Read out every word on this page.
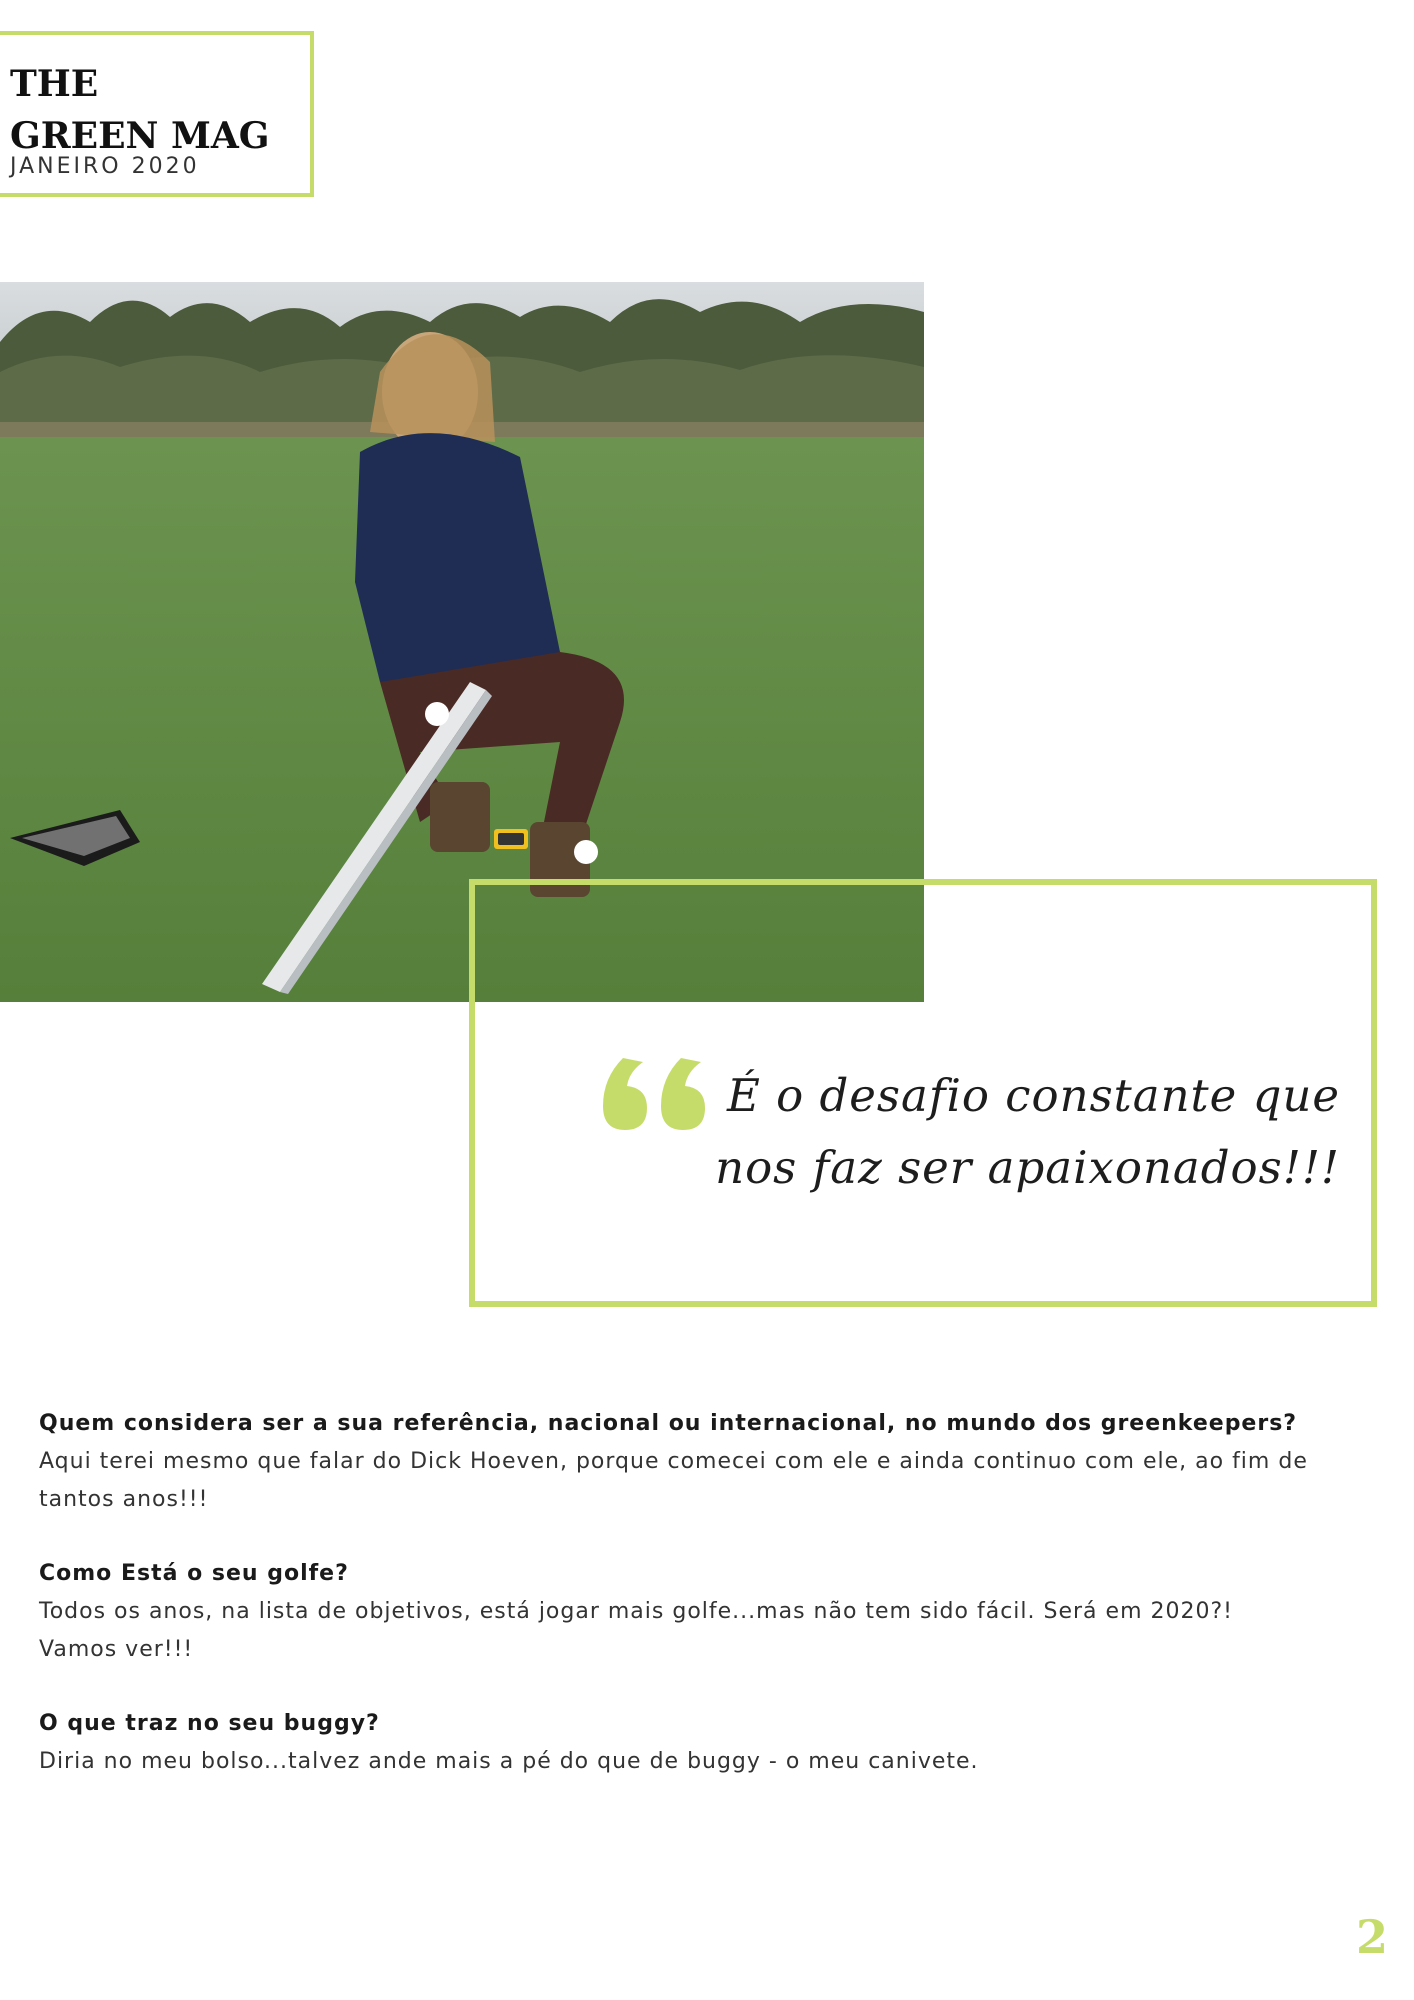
THE
GREEN MAG
JANEIRO 2020

É o desafio constante que
nos faz ser apaixonados!!!

Quem considera ser a sua referência, nacional ou internacional, no mundo dos greenkeepers?

Aqui terei mesmo que falar do Dick Hoeven, porque comecei com ele e ainda continuo com ele, ao fim de tantos anos!!!

Como Está o seu golfe?

Todos os anos, na lista de objetivos, está jogar mais golfe...mas não tem sido fácil. Será em 2020?!
Vamos ver!!!

O que traz no seu buggy?

Diria no meu bolso...talvez ande mais a pé do que de buggy - o meu canivete.

2
